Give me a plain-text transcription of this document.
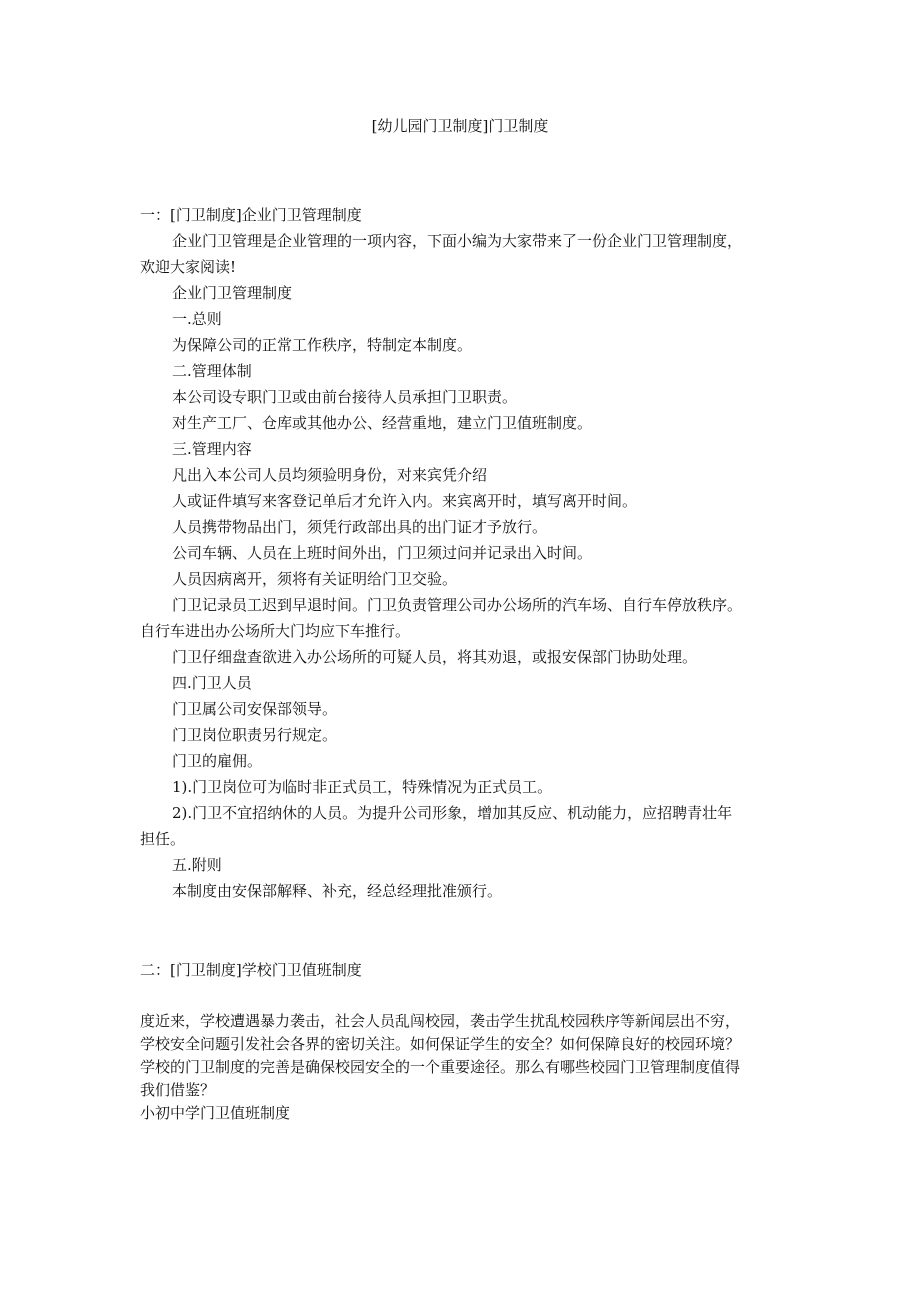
[幼儿园门卫制度]门卫制度
一：[门卫制度]企业门卫管理制度
企业门卫管理是企业管理的一项内容，下面小编为大家带来了一份企业门卫管理制度，
欢迎大家阅读!
企业门卫管理制度
一.总则
为保障公司的正常工作秩序，特制定本制度。
二.管理体制
本公司设专职门卫或由前台接待人员承担门卫职责。
对生产工厂、仓库或其他办公、经营重地，建立门卫值班制度。
三.管理内容
凡出入本公司人员均须验明身份，对来宾凭介绍
人或证件填写来客登记单后才允许入内。来宾离开时，填写离开时间。
人员携带物品出门，须凭行政部出具的出门证才予放行。
公司车辆、人员在上班时间外出，门卫须过问并记录出入时间。
人员因病离开，须将有关证明给门卫交验。
门卫记录员工迟到早退时间。门卫负责管理公司办公场所的汽车场、自行车停放秩序。
自行车进出办公场所大门均应下车推行。
门卫仔细盘查欲进入办公场所的可疑人员，将其劝退，或报安保部门协助处理。
四.门卫人员
门卫属公司安保部领导。
门卫岗位职责另行规定。
门卫的雇佣。
1).门卫岗位可为临时非正式员工，特殊情况为正式员工。
2).门卫不宜招纳休的人员。为提升公司形象，增加其反应、机动能力，应招聘青壮年
担任。
五.附则
本制度由安保部解释、补充，经总经理批准颁行。
二：[门卫制度]学校门卫值班制度
度近来，学校遭遇暴力袭击，社会人员乱闯校园，袭击学生扰乱校园秩序等新闻层出不穷，
学校安全问题引发社会各界的密切关注。如何保证学生的安全？如何保障良好的校园环境？
学校的门卫制度的完善是确保校园安全的一个重要途径。那么有哪些校园门卫管理制度值得
我们借鉴？
小初中学门卫值班制度
